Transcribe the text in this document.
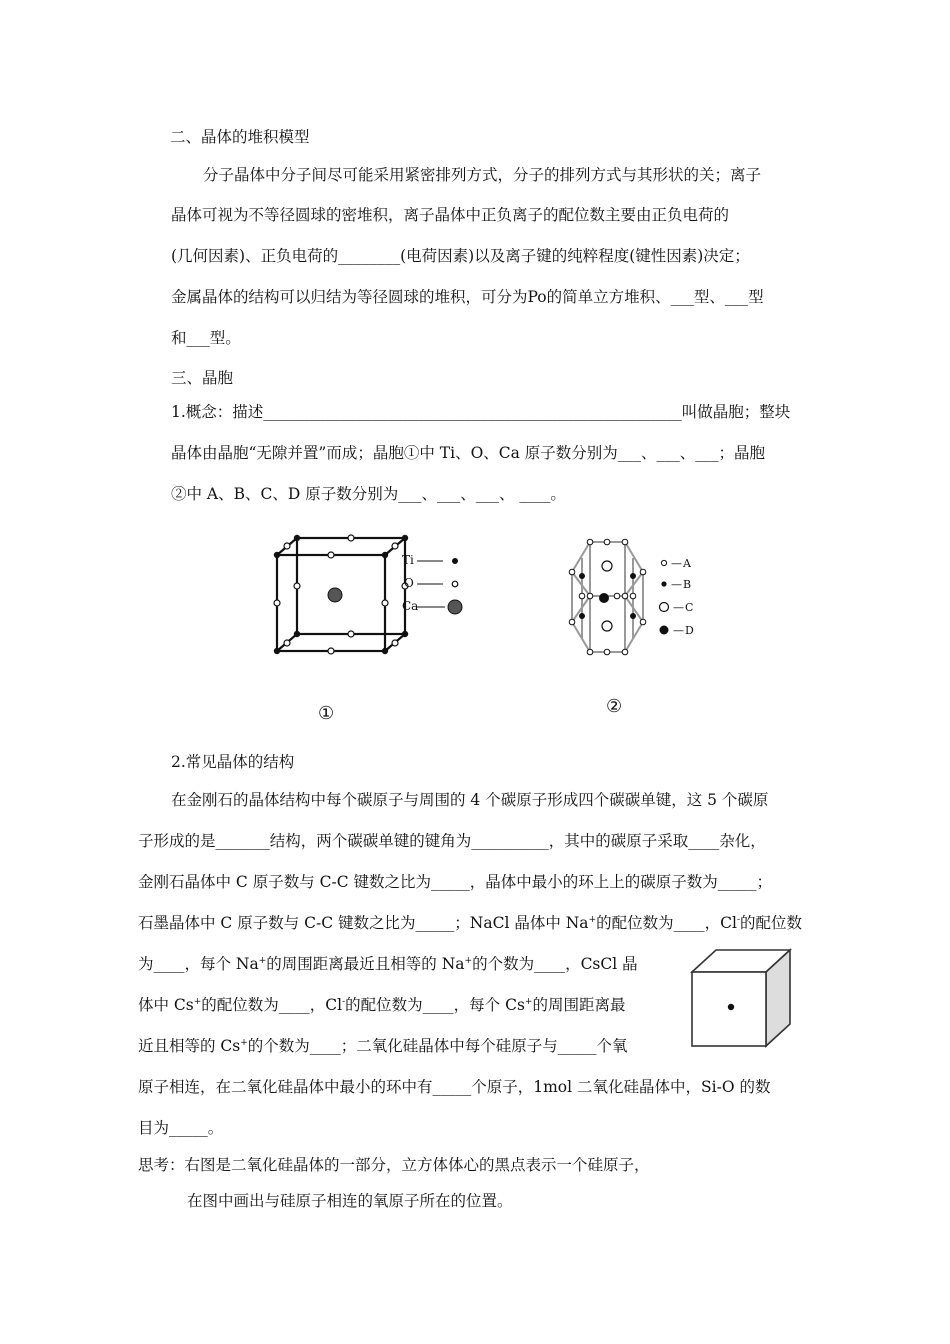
二、晶体的堆积模型
分子晶体中分子间尽可能采用紧密排列方式，分子的排列方式与其形状的关；离子
晶体可视为不等径圆球的密堆积，离子晶体中正负离子的配位数主要由正负电荷的
(几何因素)、正负电荷的________(电荷因素)以及离子键的纯粹程度(键性因素)决定；
金属晶体的结构可以归结为等径圆球的堆积，可分为Po的简单立方堆积、___型、___型
和___型。
三、晶胞
1.概念：描述______________________________________________________叫做晶胞；整块
晶体由晶胞“无隙并置”而成；晶胞①中 Ti、O、Ca 原子数分别为___、___、___；晶胞
②中 A、B、C、D 原子数分别为___、___、___、 ____。
Ti
O
Ca
①
— A
— B
— C
— D
②
2.常见晶体的结构
在金刚石的晶体结构中每个碳原子与周围的 4 个碳原子形成四个碳碳单键，这 5 个碳原
子形成的是_______结构，两个碳碳单键的键角为__________，其中的碳原子采取____杂化，
金刚石晶体中 C 原子数与 C-C 键数之比为_____，晶体中最小的环上上的碳原子数为_____；
石墨晶体中 C 原子数与 C-C 键数之比为_____；NaCl 晶体中 Na+的配位数为____，Cl-的配位数
为____，每个 Na+的周围距离最近且相等的 Na+的个数为____，CsCl 晶
体中 Cs+的配位数为____，Cl-的配位数为____，每个 Cs+的周围距离最
近且相等的 Cs+的个数为____；二氧化硅晶体中每个硅原子与_____个氧
原子相连，在二氧化硅晶体中最小的环中有_____个原子，1mol 二氧化硅晶体中，Si-O 的数
目为_____。
思考：右图是二氧化硅晶体的一部分，立方体体心的黑点表示一个硅原子，
在图中画出与硅原子相连的氧原子所在的位置。
